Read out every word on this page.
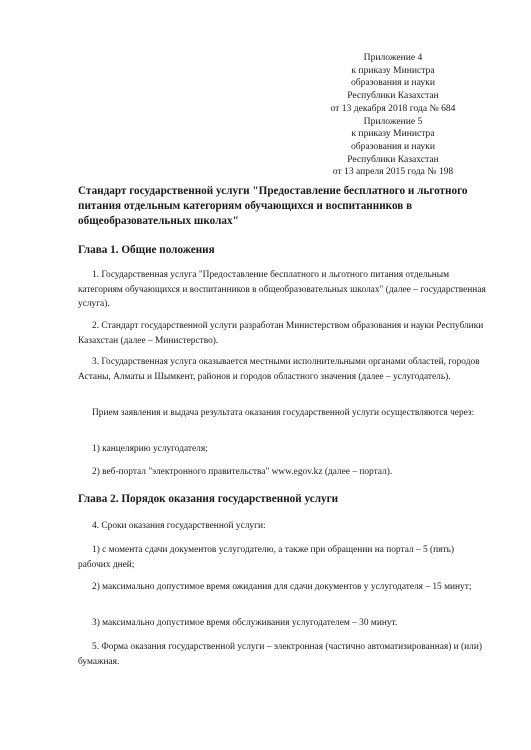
Приложение 4
к приказу Министра
образования и науки
Республики Казахстан
от 13 декабря 2018 года № 684
Приложение 5
к приказу Министра
образования и науки
Республики Казахстан
от 13 апреля 2015 года № 198
Стандарт государственной услуги "Предоставление бесплатного и льготного питания отдельным категориям обучающихся и воспитанников в общеобразовательных школах"
Глава 1. Общие положения
1. Государственная услуга "Предоставление бесплатного и льготного питания отдельным категориям обучающихся и воспитанников в общеобразовательных школах" (далее – государственная услуга).
2. Стандарт государственной услуги разработан Министерством образования и науки Республики Казахстан (далее – Министерство).
3. Государственная услуга оказывается местными исполнительными органами областей, городов Астаны, Алматы и Шымкент, районов и городов областного значения (далее – услугодатель).
Прием заявления и выдача результата оказания государственной услуги осуществляются через:
1) канцелярию услугодателя;
2) веб-портал "электронного правительства" www.egov.kz (далее – портал).
Глава 2. Порядок оказания государственной услуги
4. Сроки оказания государственной услуги:
1) с момента сдачи документов услугодателю, а также при обращении на портал – 5 (пять) рабочих дней;
2) максимально допустимое время ожидания для сдачи документов у услугодателя – 15 минут;
3) максимально допустимое время обслуживания услугодателем – 30 минут.
5. Форма оказания государственной услуги – электронная (частично автоматизированная) и (или) бумажная.
